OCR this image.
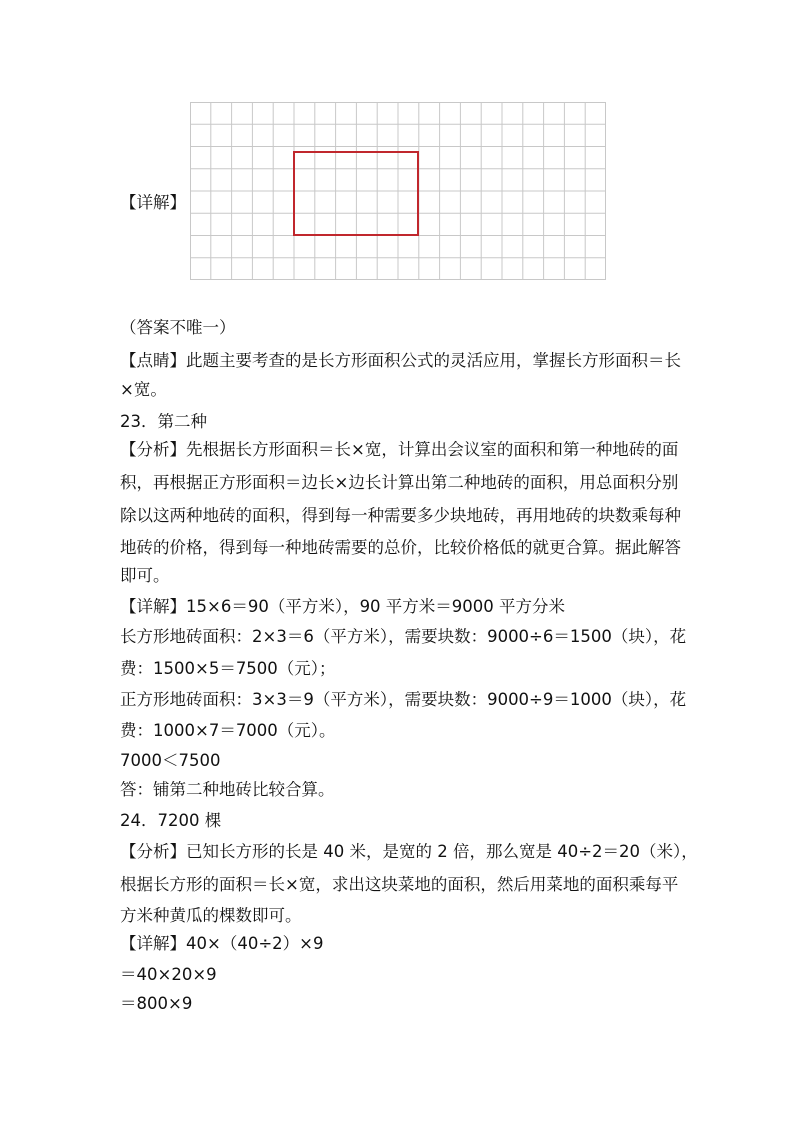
【详解】
（答案不唯一）
【点睛】此题主要考查的是长方形面积公式的灵活应用，掌握长方形面积＝长
×宽。
23．第二种
【分析】先根据长方形面积＝长×宽，计算出会议室的面积和第一种地砖的面
积，再根据正方形面积＝边长×边长计算出第二种地砖的面积，用总面积分别
除以这两种地砖的面积，得到每一种需要多少块地砖，再用地砖的块数乘每种
地砖的价格，得到每一种地砖需要的总价，比较价格低的就更合算。据此解答
即可。
【详解】15×6＝90（平方米），90 平方米＝9000 平方分米
长方形地砖面积：2×3＝6（平方米），需要块数：9000÷6＝1500（块），花
费：1500×5＝7500（元）；
正方形地砖面积：3×3＝9（平方米），需要块数：9000÷9＝1000（块），花
费：1000×7＝7000（元）。
7000＜7500
答：铺第二种地砖比较合算。
24．7200 棵
【分析】已知长方形的长是 40 米，是宽的 2 倍，那么宽是 40÷2＝20（米），
根据长方形的面积＝长×宽，求出这块菜地的面积，然后用菜地的面积乘每平
方米种黄瓜的棵数即可。
【详解】40×（40÷2）×9
＝40×20×9
＝800×9
